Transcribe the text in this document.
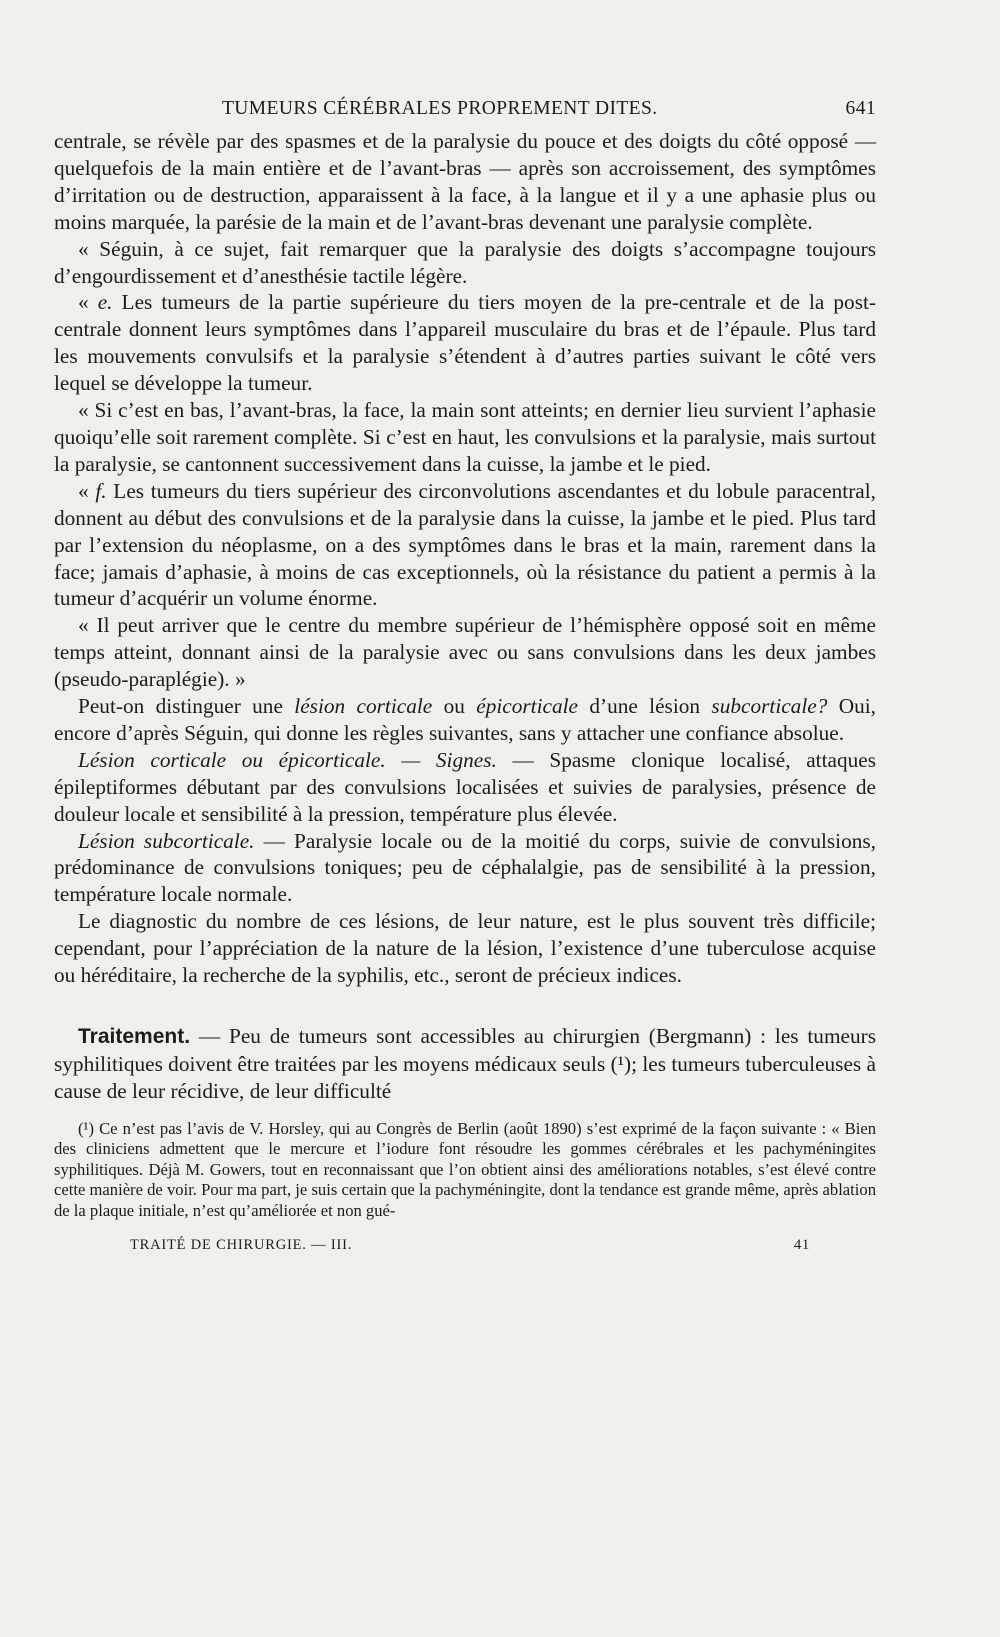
TUMEURS CÉRÉBRALES PROPREMENT DITES.	641

centrale, se révèle par des spasmes et de la paralysie du pouce et des doigts du côté opposé — quelquefois de la main entière et de l’avant-bras — après son accroissement, des symptômes d’irritation ou de destruction, apparaissent à la face, à la langue et il y a une aphasie plus ou moins marquée, la parésie de la main et de l’avant-bras devenant une paralysie complète.

« Séguin, à ce sujet, fait remarquer que la paralysie des doigts s’accompagne toujours d’engourdissement et d’anesthésie tactile légère.

« e. Les tumeurs de la partie supérieure du tiers moyen de la pre-centrale et de la post-centrale donnent leurs symptômes dans l’appareil musculaire du bras et de l’épaule. Plus tard les mouvements convulsifs et la paralysie s’étendent à d’autres parties suivant le côté vers lequel se développe la tumeur.

« Si c’est en bas, l’avant-bras, la face, la main sont atteints; en dernier lieu survient l’aphasie quoiqu’elle soit rarement complète. Si c’est en haut, les convulsions et la paralysie, mais surtout la paralysie, se cantonnent successivement dans la cuisse, la jambe et le pied.

« f. Les tumeurs du tiers supérieur des circonvolutions ascendantes et du lobule paracentral, donnent au début des convulsions et de la paralysie dans la cuisse, la jambe et le pied. Plus tard par l’extension du néoplasme, on a des symptômes dans le bras et la main, rarement dans la face; jamais d’aphasie, à moins de cas exceptionnels, où la résistance du patient a permis à la tumeur d’acquérir un volume énorme.

« Il peut arriver que le centre du membre supérieur de l’hémisphère opposé soit en même temps atteint, donnant ainsi de la paralysie avec ou sans convulsions dans les deux jambes (pseudo-paraplégie). »

Peut-on distinguer une lésion corticale ou épicorticale d’une lésion subcorticale? Oui, encore d’après Séguin, qui donne les règles suivantes, sans y attacher une confiance absolue.

Lésion corticale ou épicorticale. — Signes. — Spasme clonique localisé, attaques épileptiformes débutant par des convulsions localisées et suivies de paralysies, présence de douleur locale et sensibilité à la pression, température plus élevée.

Lésion subcorticale. — Paralysie locale ou de la moitié du corps, suivie de convulsions, prédominance de convulsions toniques; peu de céphalalgie, pas de sensibilité à la pression, température locale normale.

Le diagnostic du nombre de ces lésions, de leur nature, est le plus souvent très difficile; cependant, pour l’appréciation de la nature de la lésion, l’existence d’une tuberculose acquise ou héréditaire, la recherche de la syphilis, etc., seront de précieux indices.

Traitement. — Peu de tumeurs sont accessibles au chirurgien (Bergmann) : les tumeurs syphilitiques doivent être traitées par les moyens médicaux seuls (¹); les tumeurs tuberculeuses à cause de leur récidive, de leur difficulté

(¹) Ce n’est pas l’avis de V. Horsley, qui au Congrès de Berlin (août 1890) s’est exprimé de la façon suivante : « Bien des cliniciens admettent que le mercure et l’iodure font résoudre les gommes cérébrales et les pachyméningites syphilitiques. Déjà M. Gowers, tout en reconnaissant que l’on obtient ainsi des améliorations notables, s’est élevé contre cette manière de voir. Pour ma part, je suis certain que la pachyméningite, dont la tendance est grande même, après ablation de la plaque initiale, n’est qu’améliorée et non gué-
TRAITÉ DE CHIRURGIE. — III.	41
